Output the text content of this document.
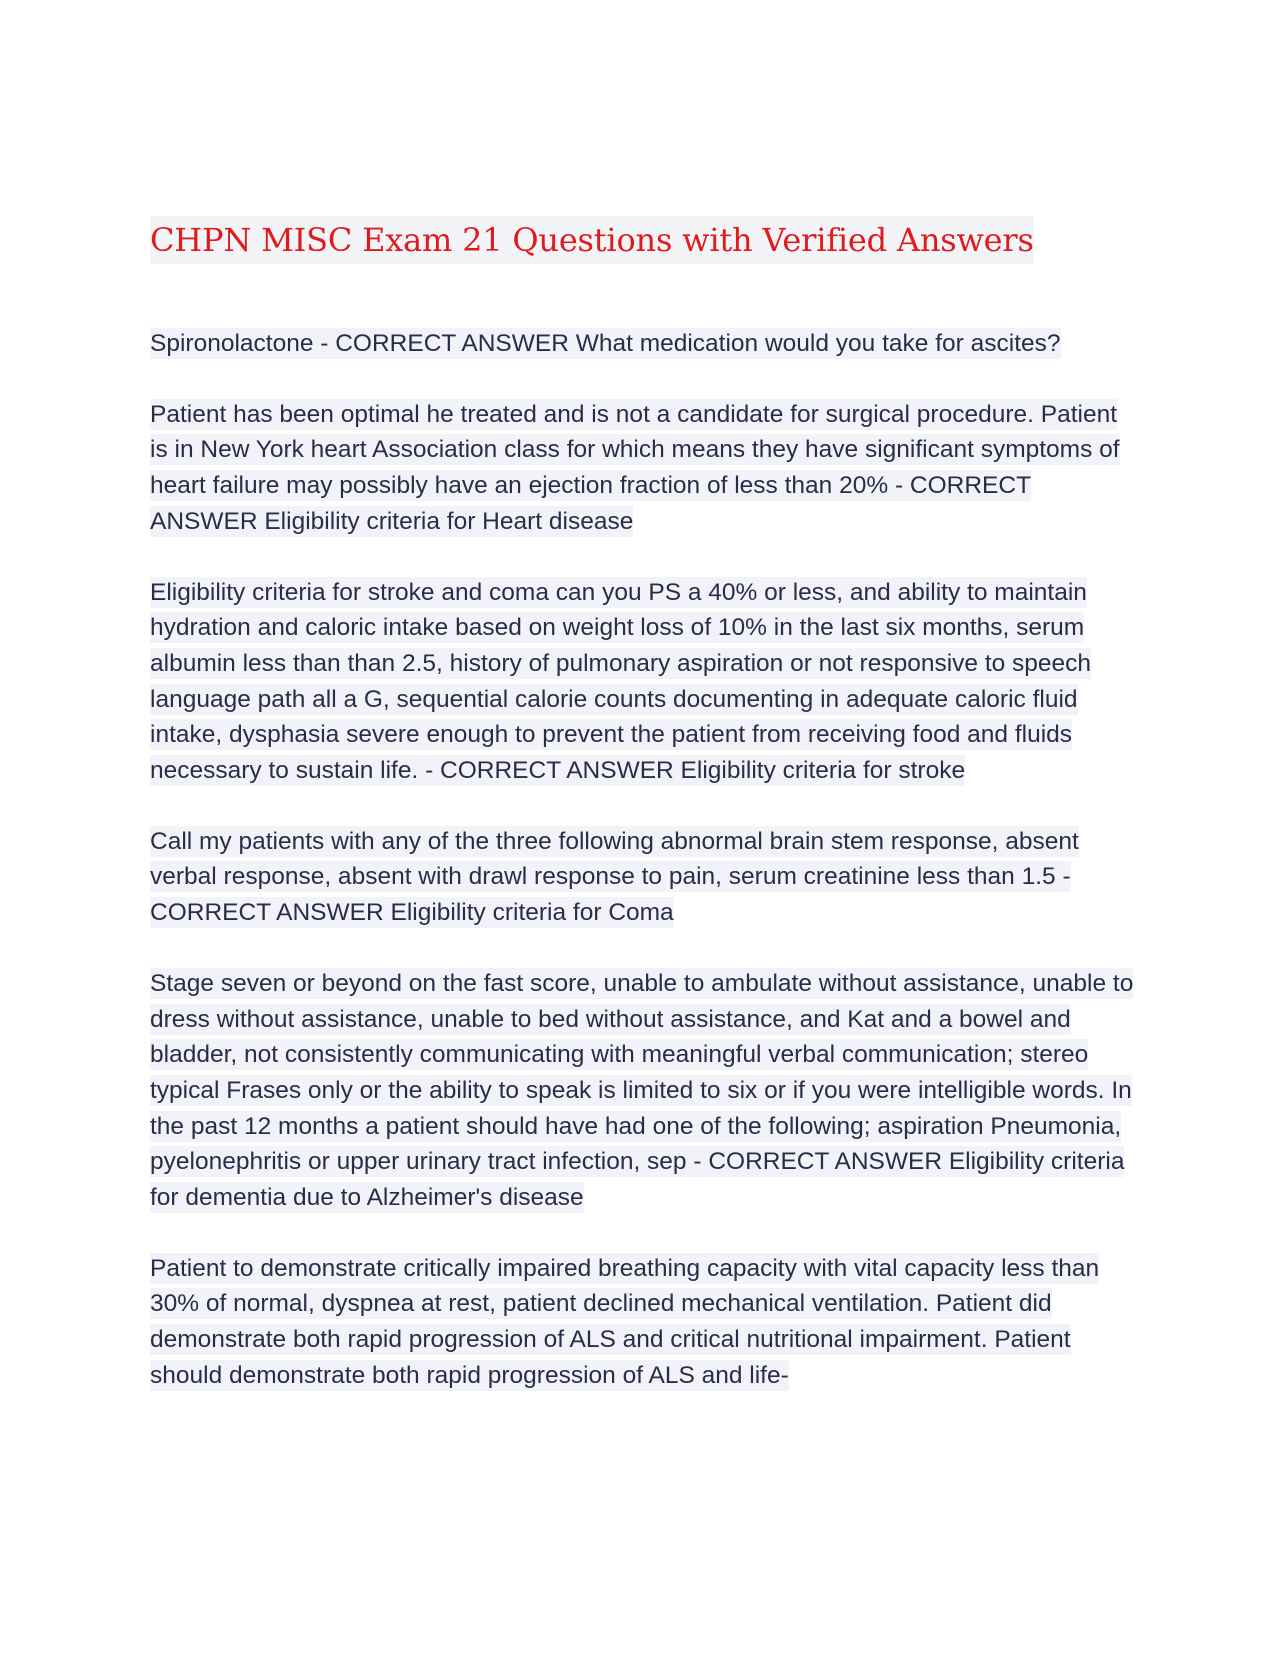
CHPN MISC Exam 21 Questions with Verified Answers
Spironolactone - CORRECT ANSWER What medication would you take for ascites?
Patient has been optimal he treated and is not a candidate for surgical procedure. Patient is in New York heart Association class for which means they have significant symptoms of heart failure may possibly have an ejection fraction of less than 20% - CORRECT ANSWER Eligibility criteria for Heart disease
Eligibility criteria for stroke and coma can you PS a 40% or less, and ability to maintain hydration and caloric intake based on weight loss of 10% in the last six months, serum albumin less than than 2.5, history of pulmonary aspiration or not responsive to speech language path all a G, sequential calorie counts documenting in adequate caloric fluid intake, dysphasia severe enough to prevent the patient from receiving food and fluids necessary to sustain life. - CORRECT ANSWER Eligibility criteria for stroke
Call my patients with any of the three following abnormal brain stem response, absent verbal response, absent with drawl response to pain, serum creatinine less than 1.5 - CORRECT ANSWER Eligibility criteria for Coma
Stage seven or beyond on the fast score, unable to ambulate without assistance, unable to dress without assistance, unable to bed without assistance, and Kat and a bowel and bladder, not consistently communicating with meaningful verbal communication; stereo typical Frases only or the ability to speak is limited to six or if you were intelligible words. In the past 12 months a patient should have had one of the following; aspiration Pneumonia, pyelonephritis or upper urinary tract infection, sep - CORRECT ANSWER Eligibility criteria for dementia due to Alzheimer's disease
Patient to demonstrate critically impaired breathing capacity with vital capacity less than 30% of normal, dyspnea at rest, patient declined mechanical ventilation. Patient did demonstrate both rapid progression of ALS and critical nutritional impairment. Patient should demonstrate both rapid progression of ALS and life-
